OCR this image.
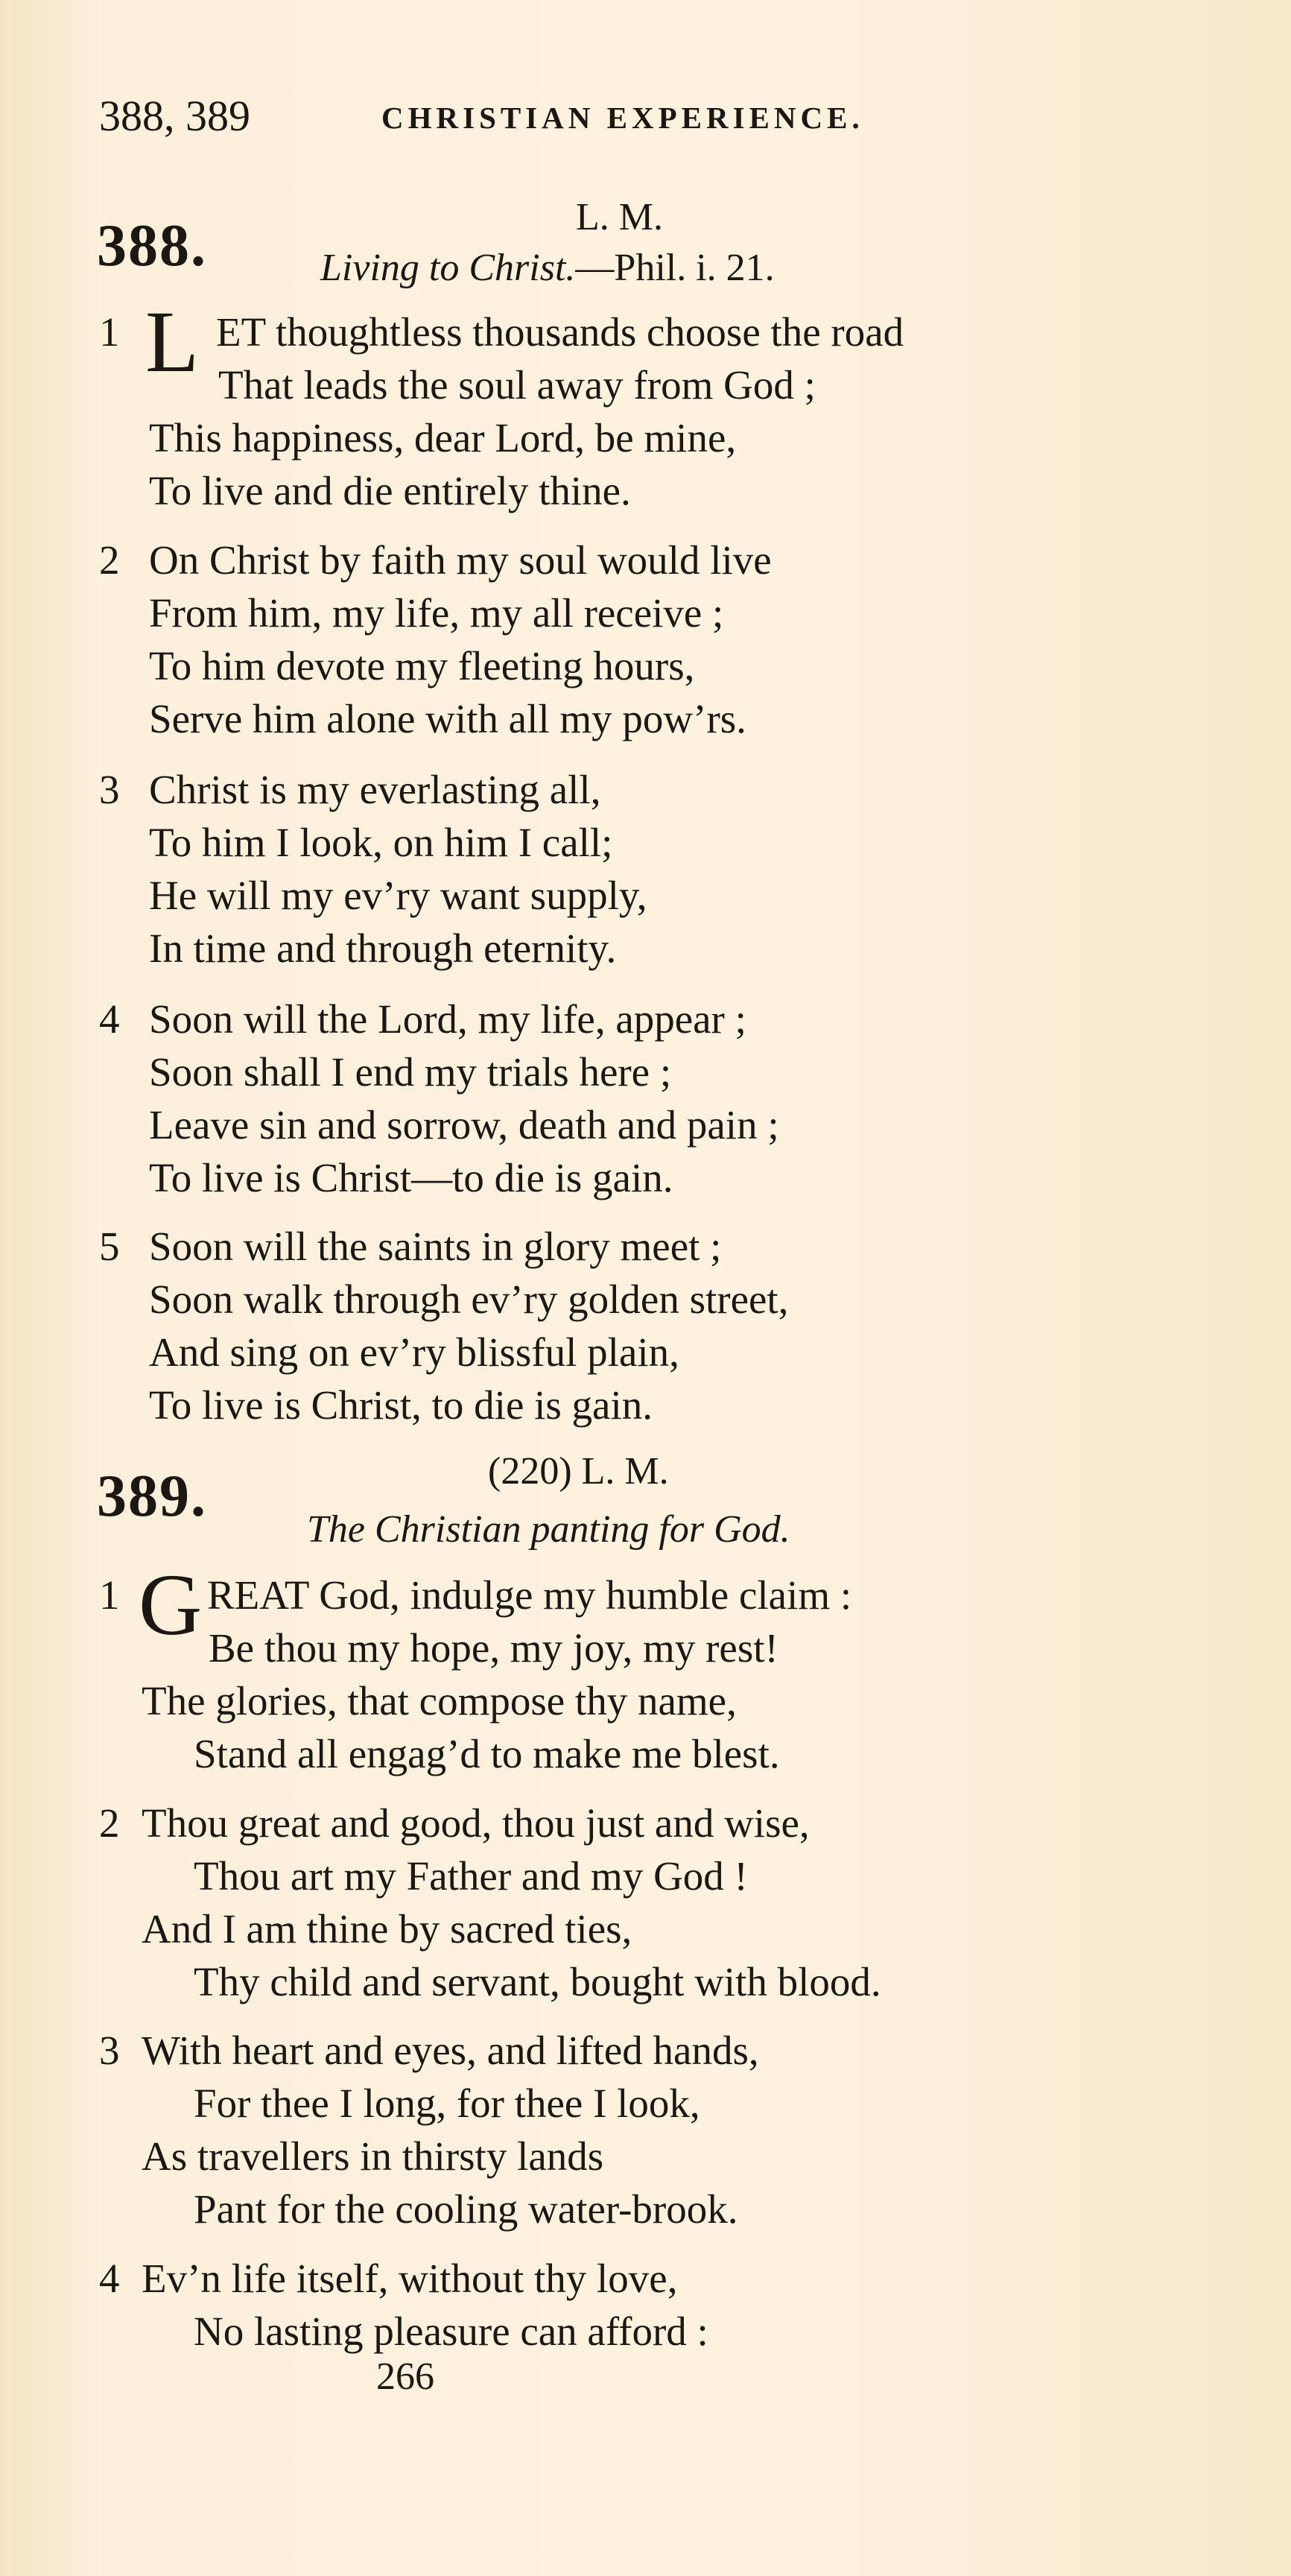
388, 389	CHRISTIAN EXPERIENCE.
388.	L. M.
Living to Christ.—Phil. i. 21.
1 L ET thoughtless thousands choose the road
That leads the soul away from God ;
This happiness, dear Lord, be mine,
To live and die entirely thine.
2 On Christ by faith my soul would live
From him, my life, my all receive ;
To him devote my fleeting hours,
Serve him alone with all my pow’rs.
3 Christ is my everlasting all,
To him I look, on him I call;
He will my ev’ry want supply,
In time and through eternity.
4 Soon will the Lord, my life, appear ;
Soon shall I end my trials here ;
Leave sin and sorrow, death and pain ;
To live is Christ—to die is gain.
5 Soon will the saints in glory meet ;
Soon walk through ev’ry golden street,
And sing on ev’ry blissful plain,
To live is Christ, to die is gain.
389.	(220) L. M.
The Christian panting for God.
1 G REAT God, indulge my humble claim :
Be thou my hope, my joy, my rest!
The glories, that compose thy name,
Stand all engag’d to make me blest.
2 Thou great and good, thou just and wise,
Thou art my Father and my God !
And I am thine by sacred ties,
Thy child and servant, bought with blood.
3 With heart and eyes, and lifted hands,
For thee I long, for thee I look,
As travellers in thirsty lands
Pant for the cooling water-brook.
4 Ev’n life itself, without thy love,
No lasting pleasure can afford :
266
